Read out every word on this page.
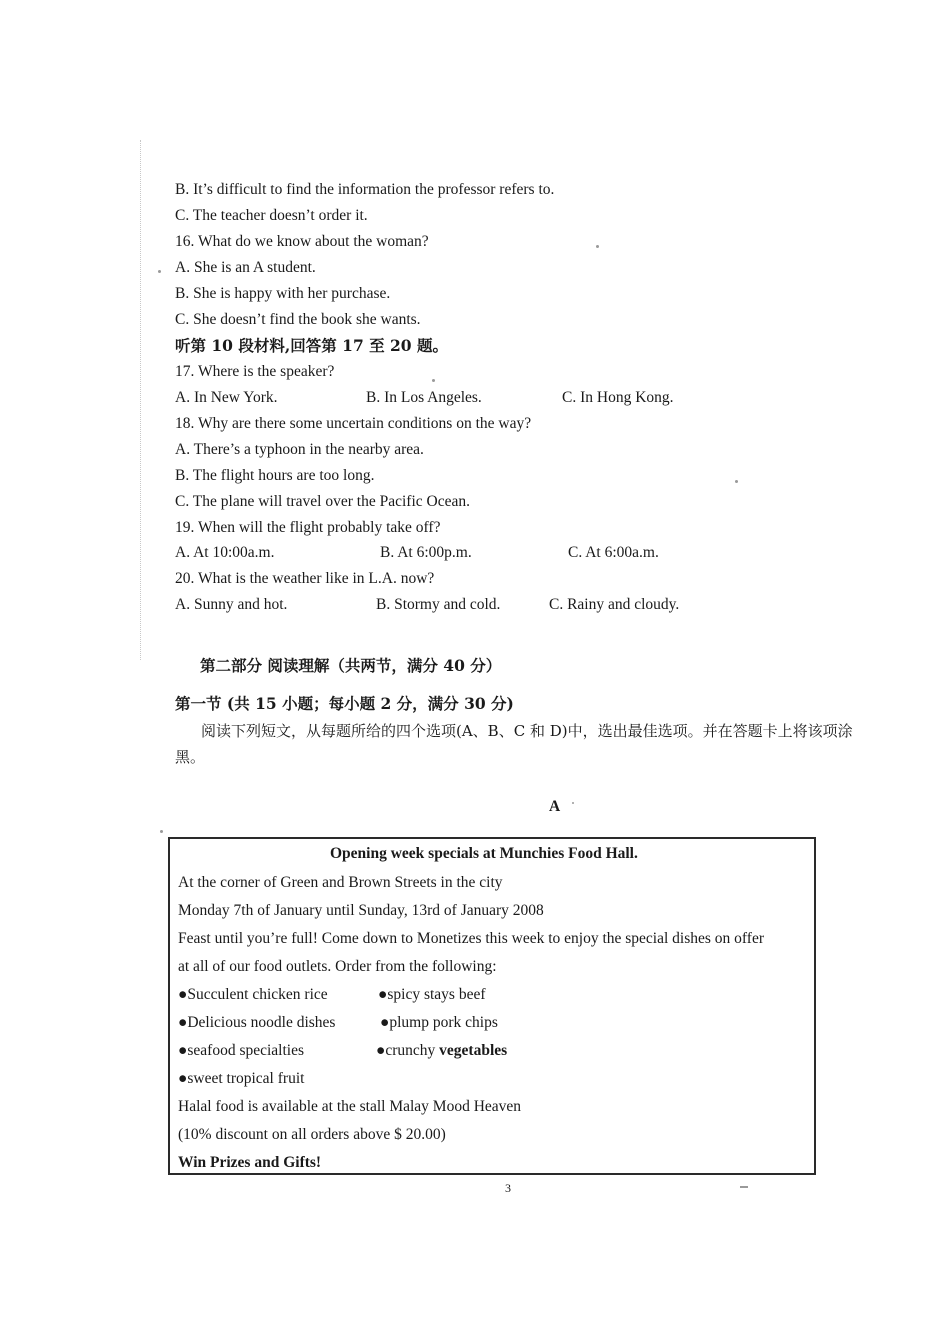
B. It’s difficult to find the information the professor refers to.
C. The teacher doesn’t order it.
16. What do we know about the woman?
A. She is an A student.
B. She is happy with her purchase.
C. She doesn’t find the book she wants.
听第 10 段材料,回答第 17 至 20 题。
17. Where is the speaker?
A. In New York.	B. In Los Angeles.	C. In Hong Kong.
18. Why are there some uncertain conditions on the way?
A. There’s a typhoon in the nearby area.
B. The flight hours are too long.
C. The plane will travel over the Pacific Ocean.
19. When will the flight probably take off?
A. At 10:00a.m.	B. At 6:00p.m.	C. At 6:00a.m.
20. What is the weather like in L.A. now?
A. Sunny and hot.	B. Stormy and cold.	C. Rainy and cloudy.
第二部分 阅读理解（共两节，满分 40 分）
第一节 (共 15 小题；每小题 2 分，满分 30 分)
阅读下列短文，从每题所给的四个选项(A、B、C 和 D)中，选出最佳选项。并在答题卡上将该项涂黑。
A
Opening week specials at Munchies Food Hall.
At the corner of Green and Brown Streets in the city
Monday 7th of January until Sunday, 13rd of January 2008
Feast until you’re full! Come down to Monetizes this week to enjoy the special dishes on offer
at all of our food outlets. Order from the following:
●Succulent chicken rice	●spicy stays beef
●Delicious noodle dishes	●plump pork chips
●seafood specialties	●crunchy vegetables
●sweet tropical fruit
Halal food is available at the stall Malay Mood Heaven
(10% discount on all orders above $ 20.00)
Win Prizes and Gifts!
3
